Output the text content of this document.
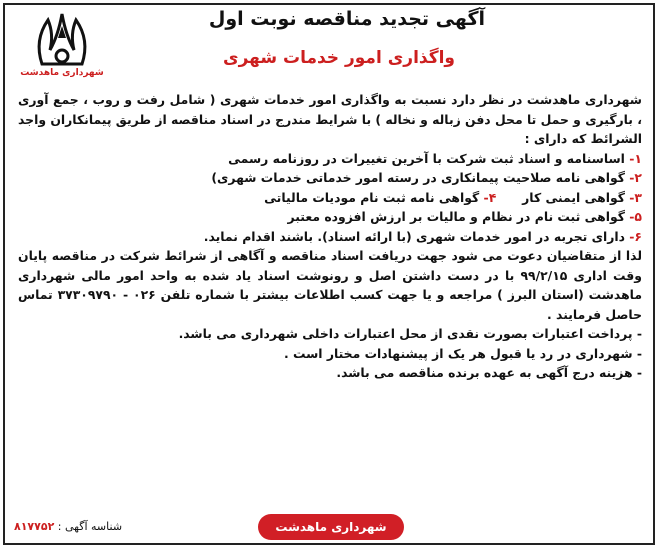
شهرداری ماهدشت
آگهی تجدید مناقصه نوبت اول
واگذاری امور خدمات شهری

شهرداری ماهدشت در نظر دارد نسبت به واگذاری امور خدمات شهری ( شامل رفت و روب ، جمع آوری ، بارگیری و حمل تا محل دفن زباله و نخاله ) با شرایط مندرج در اسناد مناقصه از طریق پیمانکاران واجد الشرائط که دارای :

۱- اساسنامه و اسناد ثبت شرکت با آخرین تغییرات در روزنامه رسمی

۲- گواهی نامه صلاحیت پیمانکاری در رسته امور خدماتی خدمات شهری)

۳- گواهی ایمنی کار      ۴- گواهی نامه ثبت نام مودیات مالیاتی

۵- گواهی ثبت نام در نظام و مالیات بر ارزش افزوده معتبر

۶- دارای تجربه در امور خدمات شهری (با ارائه اسناد). باشند اقدام نماید.

لذا از متقاضیان دعوت می شود جهت دریافت اسناد مناقصه و آگاهی از شرائط شرکت در مناقصه پایان وقت اداری ۹۹/۲/۱۵ با در دست داشتن اصل و رونوشت اسناد یاد شده به واحد امور مالی شهرداری ماهدشت (استان البرز ) مراجعه و یا جهت کسب اطلاعات بیشتر با شماره تلفن ۰۲۶ - ۳۷۳۰۹۷۹۰ تماس حاصل فرمایند .

- پرداخت اعتبارات بصورت نقدی از محل اعتبارات داخلی شهرداری می باشد.

- شهرداری در رد یا قبول هر یک از پیشنهادات مختار است .

- هزینه درج آگهی به عهده برنده مناقصه می باشد.

شناسه آگهی : ۸۱۷۷۵۲	شهرداری ماهدشت
